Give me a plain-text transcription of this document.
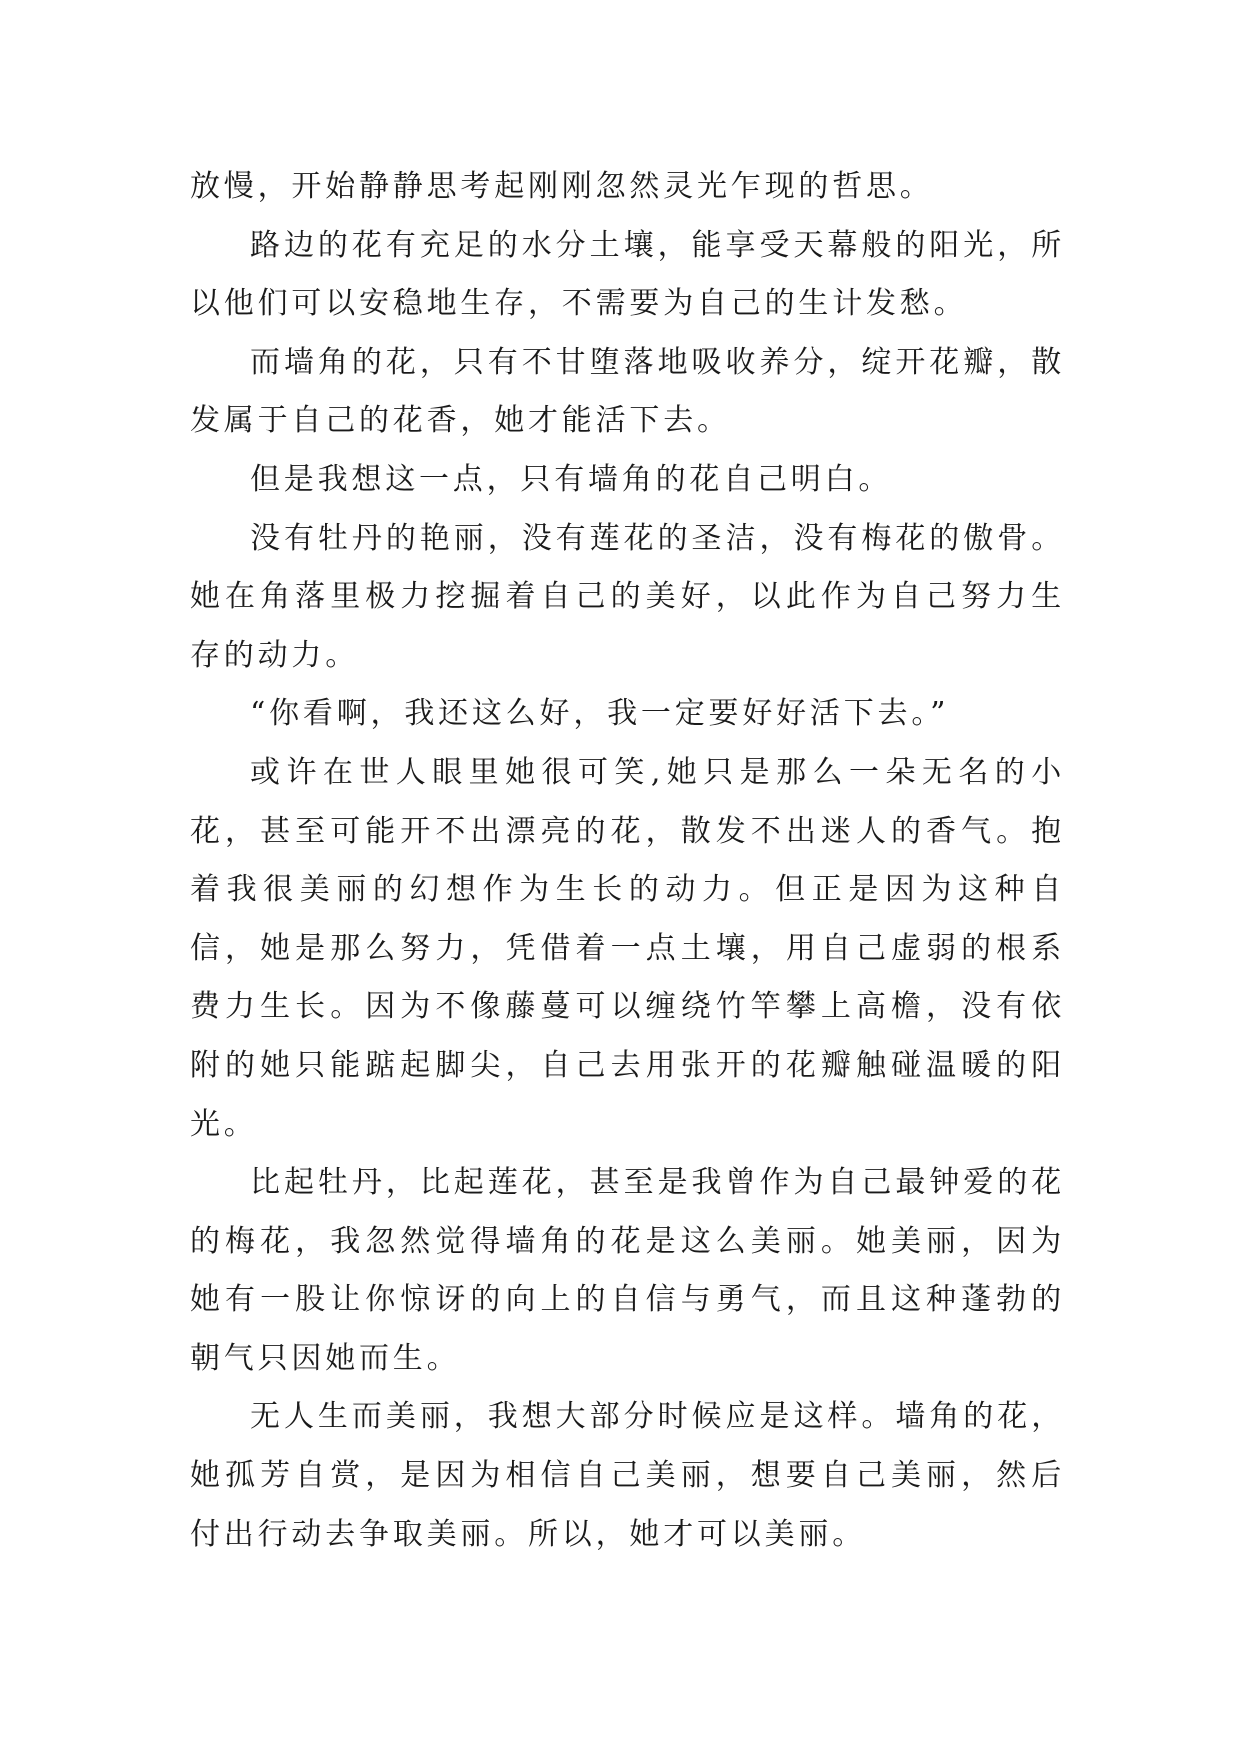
放慢，开始静静思考起刚刚忽然灵光乍现的哲思。

路边的花有充足的水分土壤，能享受天幕般的阳光，所以他们可以安稳地生存，不需要为自己的生计发愁。

而墙角的花，只有不甘堕落地吸收养分，绽开花瓣，散发属于自己的花香，她才能活下去。

但是我想这一点，只有墙角的花自己明白。

没有牡丹的艳丽，没有莲花的圣洁，没有梅花的傲骨。她在角落里极力挖掘着自己的美好，以此作为自己努力生存的动力。

“你看啊，我还这么好，我一定要好好活下去。”

或许在世人眼里她很可笑,她只是那么一朵无名的小花，甚至可能开不出漂亮的花，散发不出迷人的香气。抱着我很美丽的幻想作为生长的动力。但正是因为这种自信，她是那么努力，凭借着一点土壤，用自己虚弱的根系费力生长。因为不像藤蔓可以缠绕竹竿攀上高檐，没有依附的她只能踮起脚尖，自己去用张开的花瓣触碰温暖的阳光。

比起牡丹，比起莲花，甚至是我曾作为自己最钟爱的花的梅花，我忽然觉得墙角的花是这么美丽。她美丽，因为她有一股让你惊讶的向上的自信与勇气，而且这种蓬勃的朝气只因她而生。

无人生而美丽，我想大部分时候应是这样。墙角的花，她孤芳自赏，是因为相信自己美丽，想要自己美丽，然后付出行动去争取美丽。所以，她才可以美丽。
